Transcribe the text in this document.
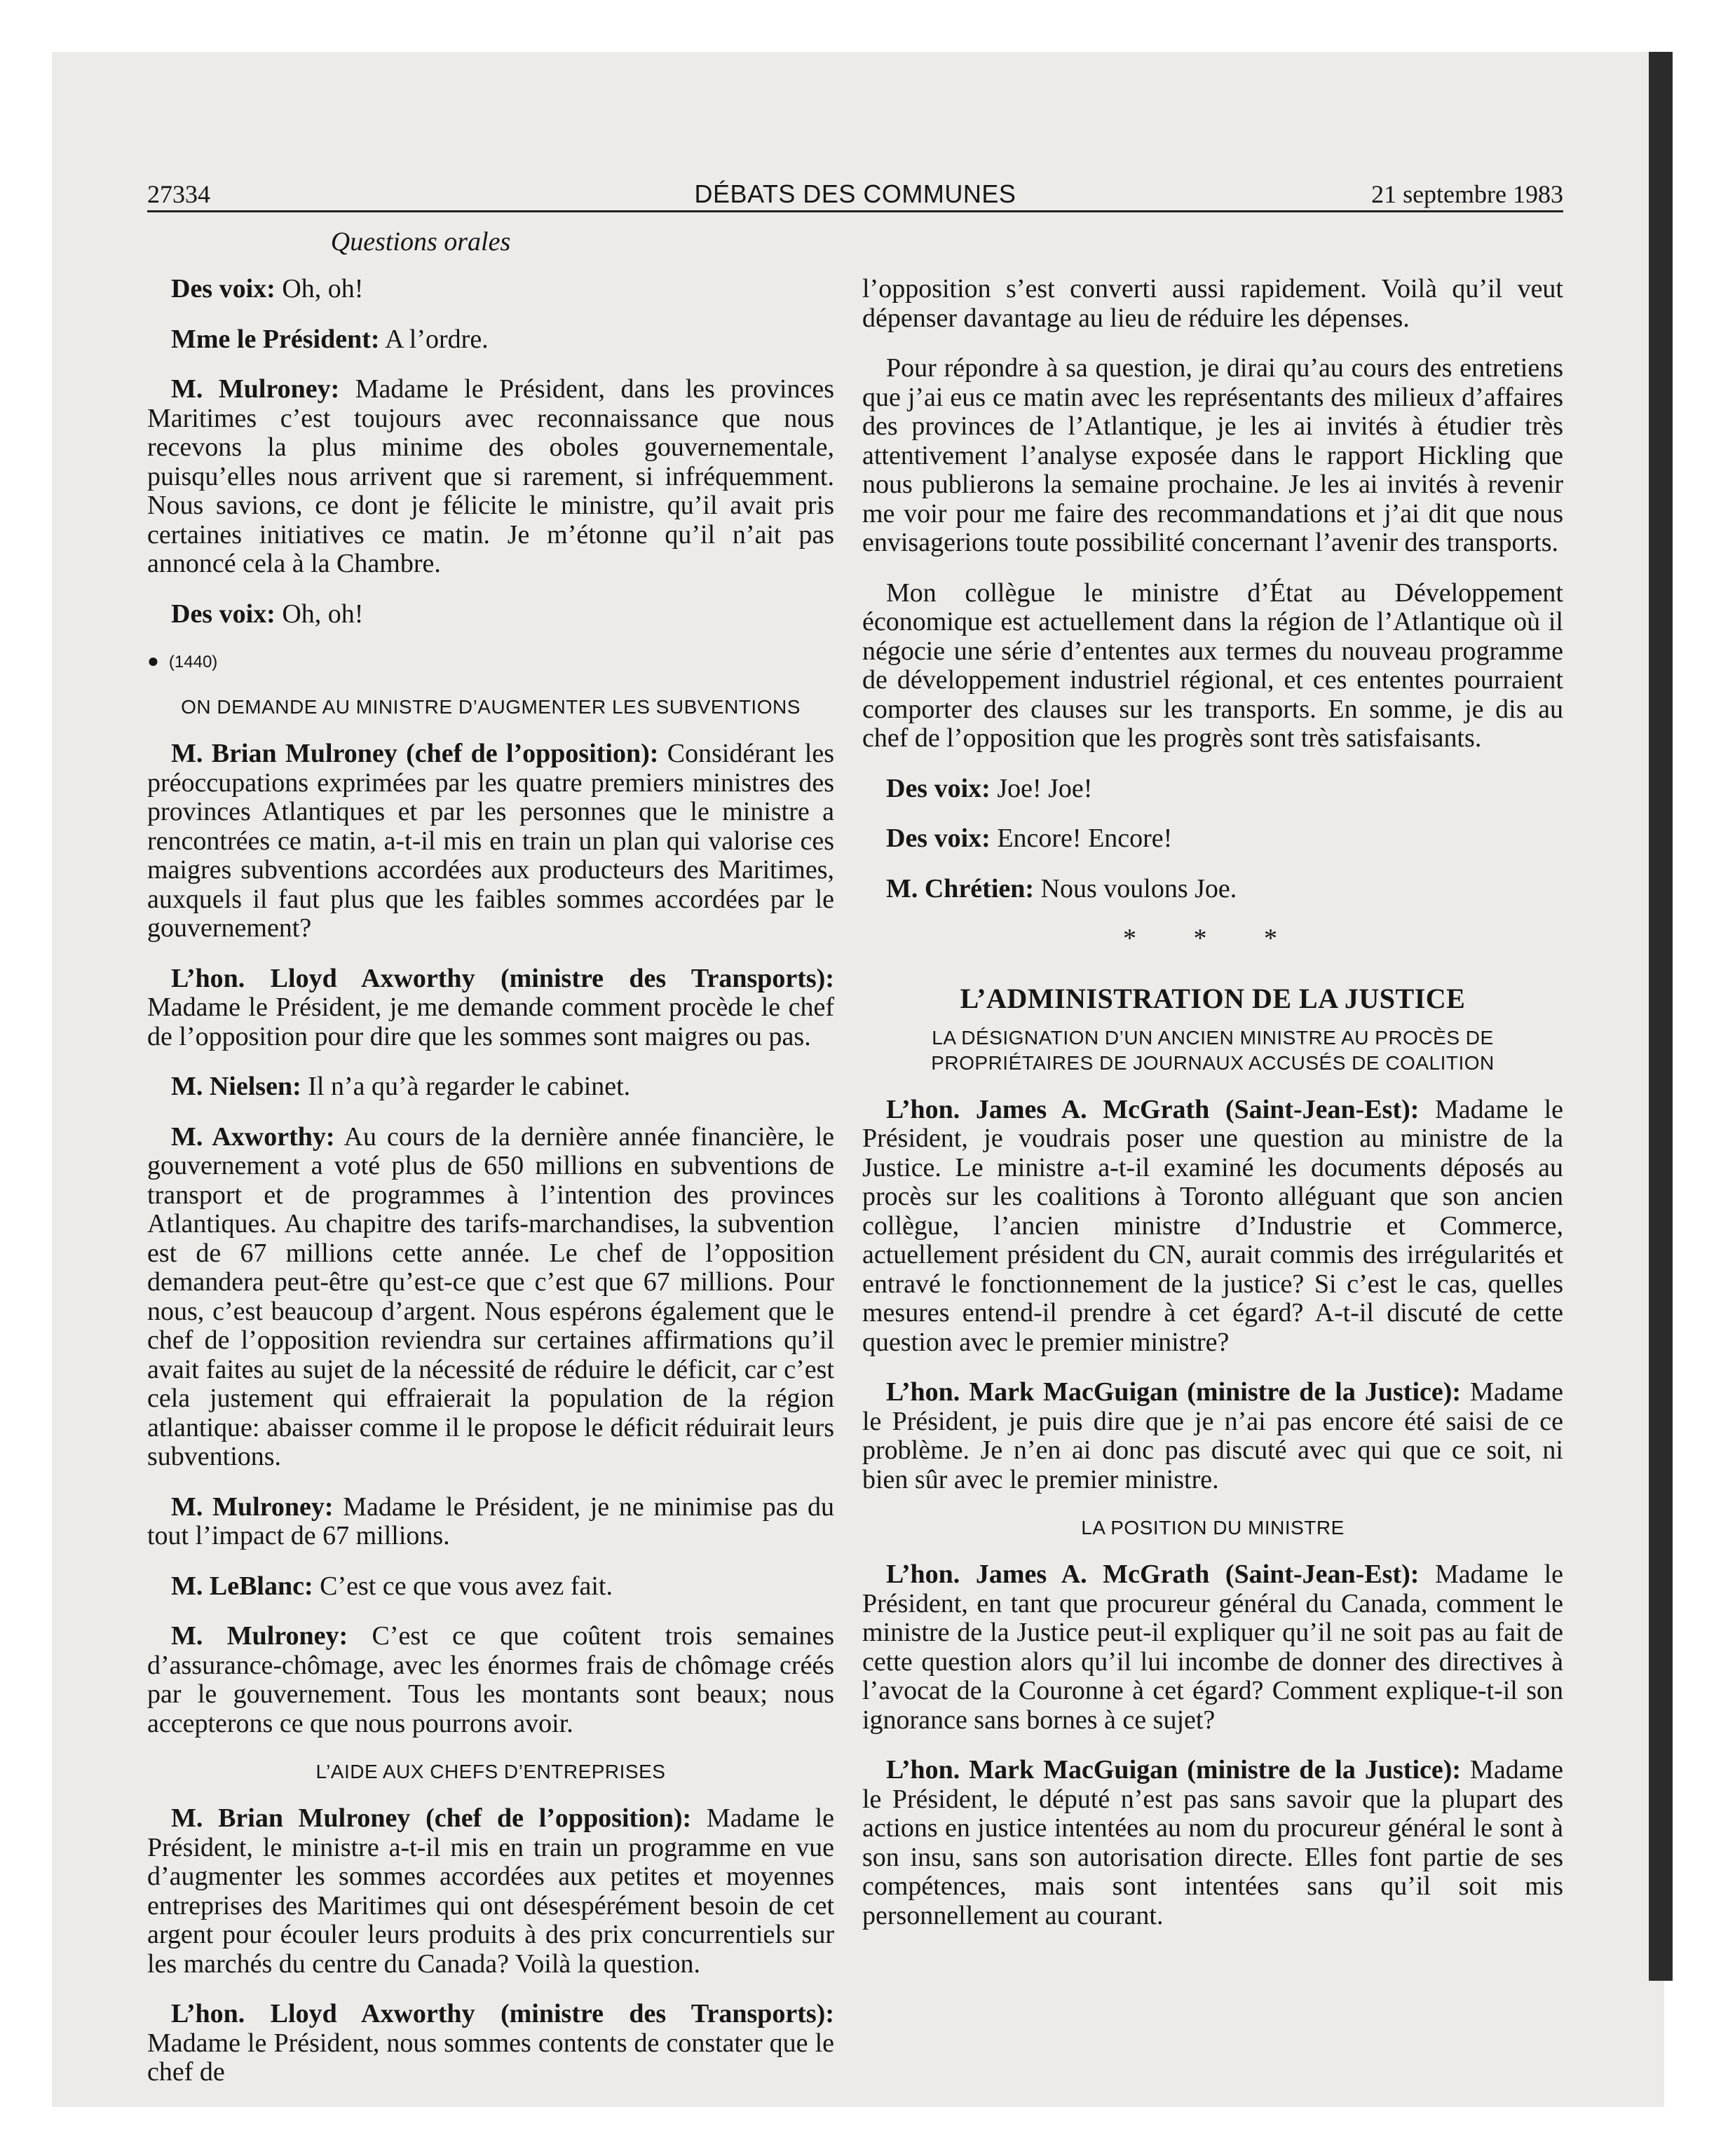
27334	DÉBATS DES COMMUNES	21 septembre 1983
Questions orales

Des voix: Oh, oh!

Mme le Président: A l’ordre.

M. Mulroney: Madame le Président, dans les provinces Maritimes c’est toujours avec reconnaissance que nous recevons la plus minime des oboles gouvernementale, puisqu’elles nous arrivent que si rarement, si infréquemment. Nous savions, ce dont je félicite le ministre, qu’il avait pris certaines initiatives ce matin. Je m’étonne qu’il n’ait pas annoncé cela à la Chambre.

Des voix: Oh, oh!

● (1440)
ON DEMANDE AU MINISTRE D’AUGMENTER LES SUBVENTIONS

M. Brian Mulroney (chef de l’opposition): Considérant les préoccupations exprimées par les quatre premiers ministres des provinces Atlantiques et par les personnes que le ministre a rencontrées ce matin, a-t-il mis en train un plan qui valorise ces maigres subventions accordées aux producteurs des Maritimes, auxquels il faut plus que les faibles sommes accordées par le gouvernement?

L’hon. Lloyd Axworthy (ministre des Transports): Madame le Président, je me demande comment procède le chef de l’opposition pour dire que les sommes sont maigres ou pas.

M. Nielsen: Il n’a qu’à regarder le cabinet.

M. Axworthy: Au cours de la dernière année financière, le gouvernement a voté plus de 650 millions en subventions de transport et de programmes à l’intention des provinces Atlantiques. Au chapitre des tarifs-marchandises, la subvention est de 67 millions cette année. Le chef de l’opposition demandera peut-être qu’est-ce que c’est que 67 millions. Pour nous, c’est beaucoup d’argent. Nous espérons également que le chef de l’opposition reviendra sur certaines affirmations qu’il avait faites au sujet de la nécessité de réduire le déficit, car c’est cela justement qui effraierait la population de la région atlantique: abaisser comme il le propose le déficit réduirait leurs subventions.

M. Mulroney: Madame le Président, je ne minimise pas du tout l’impact de 67 millions.

M. LeBlanc: C’est ce que vous avez fait.

M. Mulroney: C’est ce que coûtent trois semaines d’assurance-chômage, avec les énormes frais de chômage créés par le gouvernement. Tous les montants sont beaux; nous accepterons ce que nous pourrons avoir.

L’AIDE AUX CHEFS D’ENTREPRISES

M. Brian Mulroney (chef de l’opposition): Madame le Président, le ministre a-t-il mis en train un programme en vue d’augmenter les sommes accordées aux petites et moyennes entreprises des Maritimes qui ont désespérément besoin de cet argent pour écouler leurs produits à des prix concurrentiels sur les marchés du centre du Canada? Voilà la question.

L’hon. Lloyd Axworthy (ministre des Transports): Madame le Président, nous sommes contents de constater que le chef de

l’opposition s’est converti aussi rapidement. Voilà qu’il veut dépenser davantage au lieu de réduire les dépenses.

Pour répondre à sa question, je dirai qu’au cours des entretiens que j’ai eus ce matin avec les représentants des milieux d’affaires des provinces de l’Atlantique, je les ai invités à étudier très attentivement l’analyse exposée dans le rapport Hickling que nous publierons la semaine prochaine. Je les ai invités à revenir me voir pour me faire des recommandations et j’ai dit que nous envisagerions toute possibilité concernant l’avenir des transports.

Mon collègue le ministre d’État au Développement économique est actuellement dans la région de l’Atlantique où il négocie une série d’ententes aux termes du nouveau programme de développement industriel régional, et ces ententes pourraient comporter des clauses sur les transports. En somme, je dis au chef de l’opposition que les progrès sont très satisfaisants.

Des voix: Joe! Joe!

Des voix: Encore! Encore!

M. Chrétien: Nous voulons Joe.

* * *
L’ADMINISTRATION DE LA JUSTICE
LA DÉSIGNATION D’UN ANCIEN MINISTRE AU PROCÈS DE PROPRIÉTAIRES DE JOURNAUX ACCUSÉS DE COALITION

L’hon. James A. McGrath (Saint-Jean-Est): Madame le Président, je voudrais poser une question au ministre de la Justice. Le ministre a-t-il examiné les documents déposés au procès sur les coalitions à Toronto alléguant que son ancien collègue, l’ancien ministre d’Industrie et Commerce, actuellement président du CN, aurait commis des irrégularités et entravé le fonctionnement de la justice? Si c’est le cas, quelles mesures entend-il prendre à cet égard? A-t-il discuté de cette question avec le premier ministre?

L’hon. Mark MacGuigan (ministre de la Justice): Madame le Président, je puis dire que je n’ai pas encore été saisi de ce problème. Je n’en ai donc pas discuté avec qui que ce soit, ni bien sûr avec le premier ministre.

LA POSITION DU MINISTRE

L’hon. James A. McGrath (Saint-Jean-Est): Madame le Président, en tant que procureur général du Canada, comment le ministre de la Justice peut-il expliquer qu’il ne soit pas au fait de cette question alors qu’il lui incombe de donner des directives à l’avocat de la Couronne à cet égard? Comment explique-t-il son ignorance sans bornes à ce sujet?

L’hon. Mark MacGuigan (ministre de la Justice): Madame le Président, le député n’est pas sans savoir que la plupart des actions en justice intentées au nom du procureur général le sont à son insu, sans son autorisation directe. Elles font partie de ses compétences, mais sont intentées sans qu’il soit mis personnellement au courant.
